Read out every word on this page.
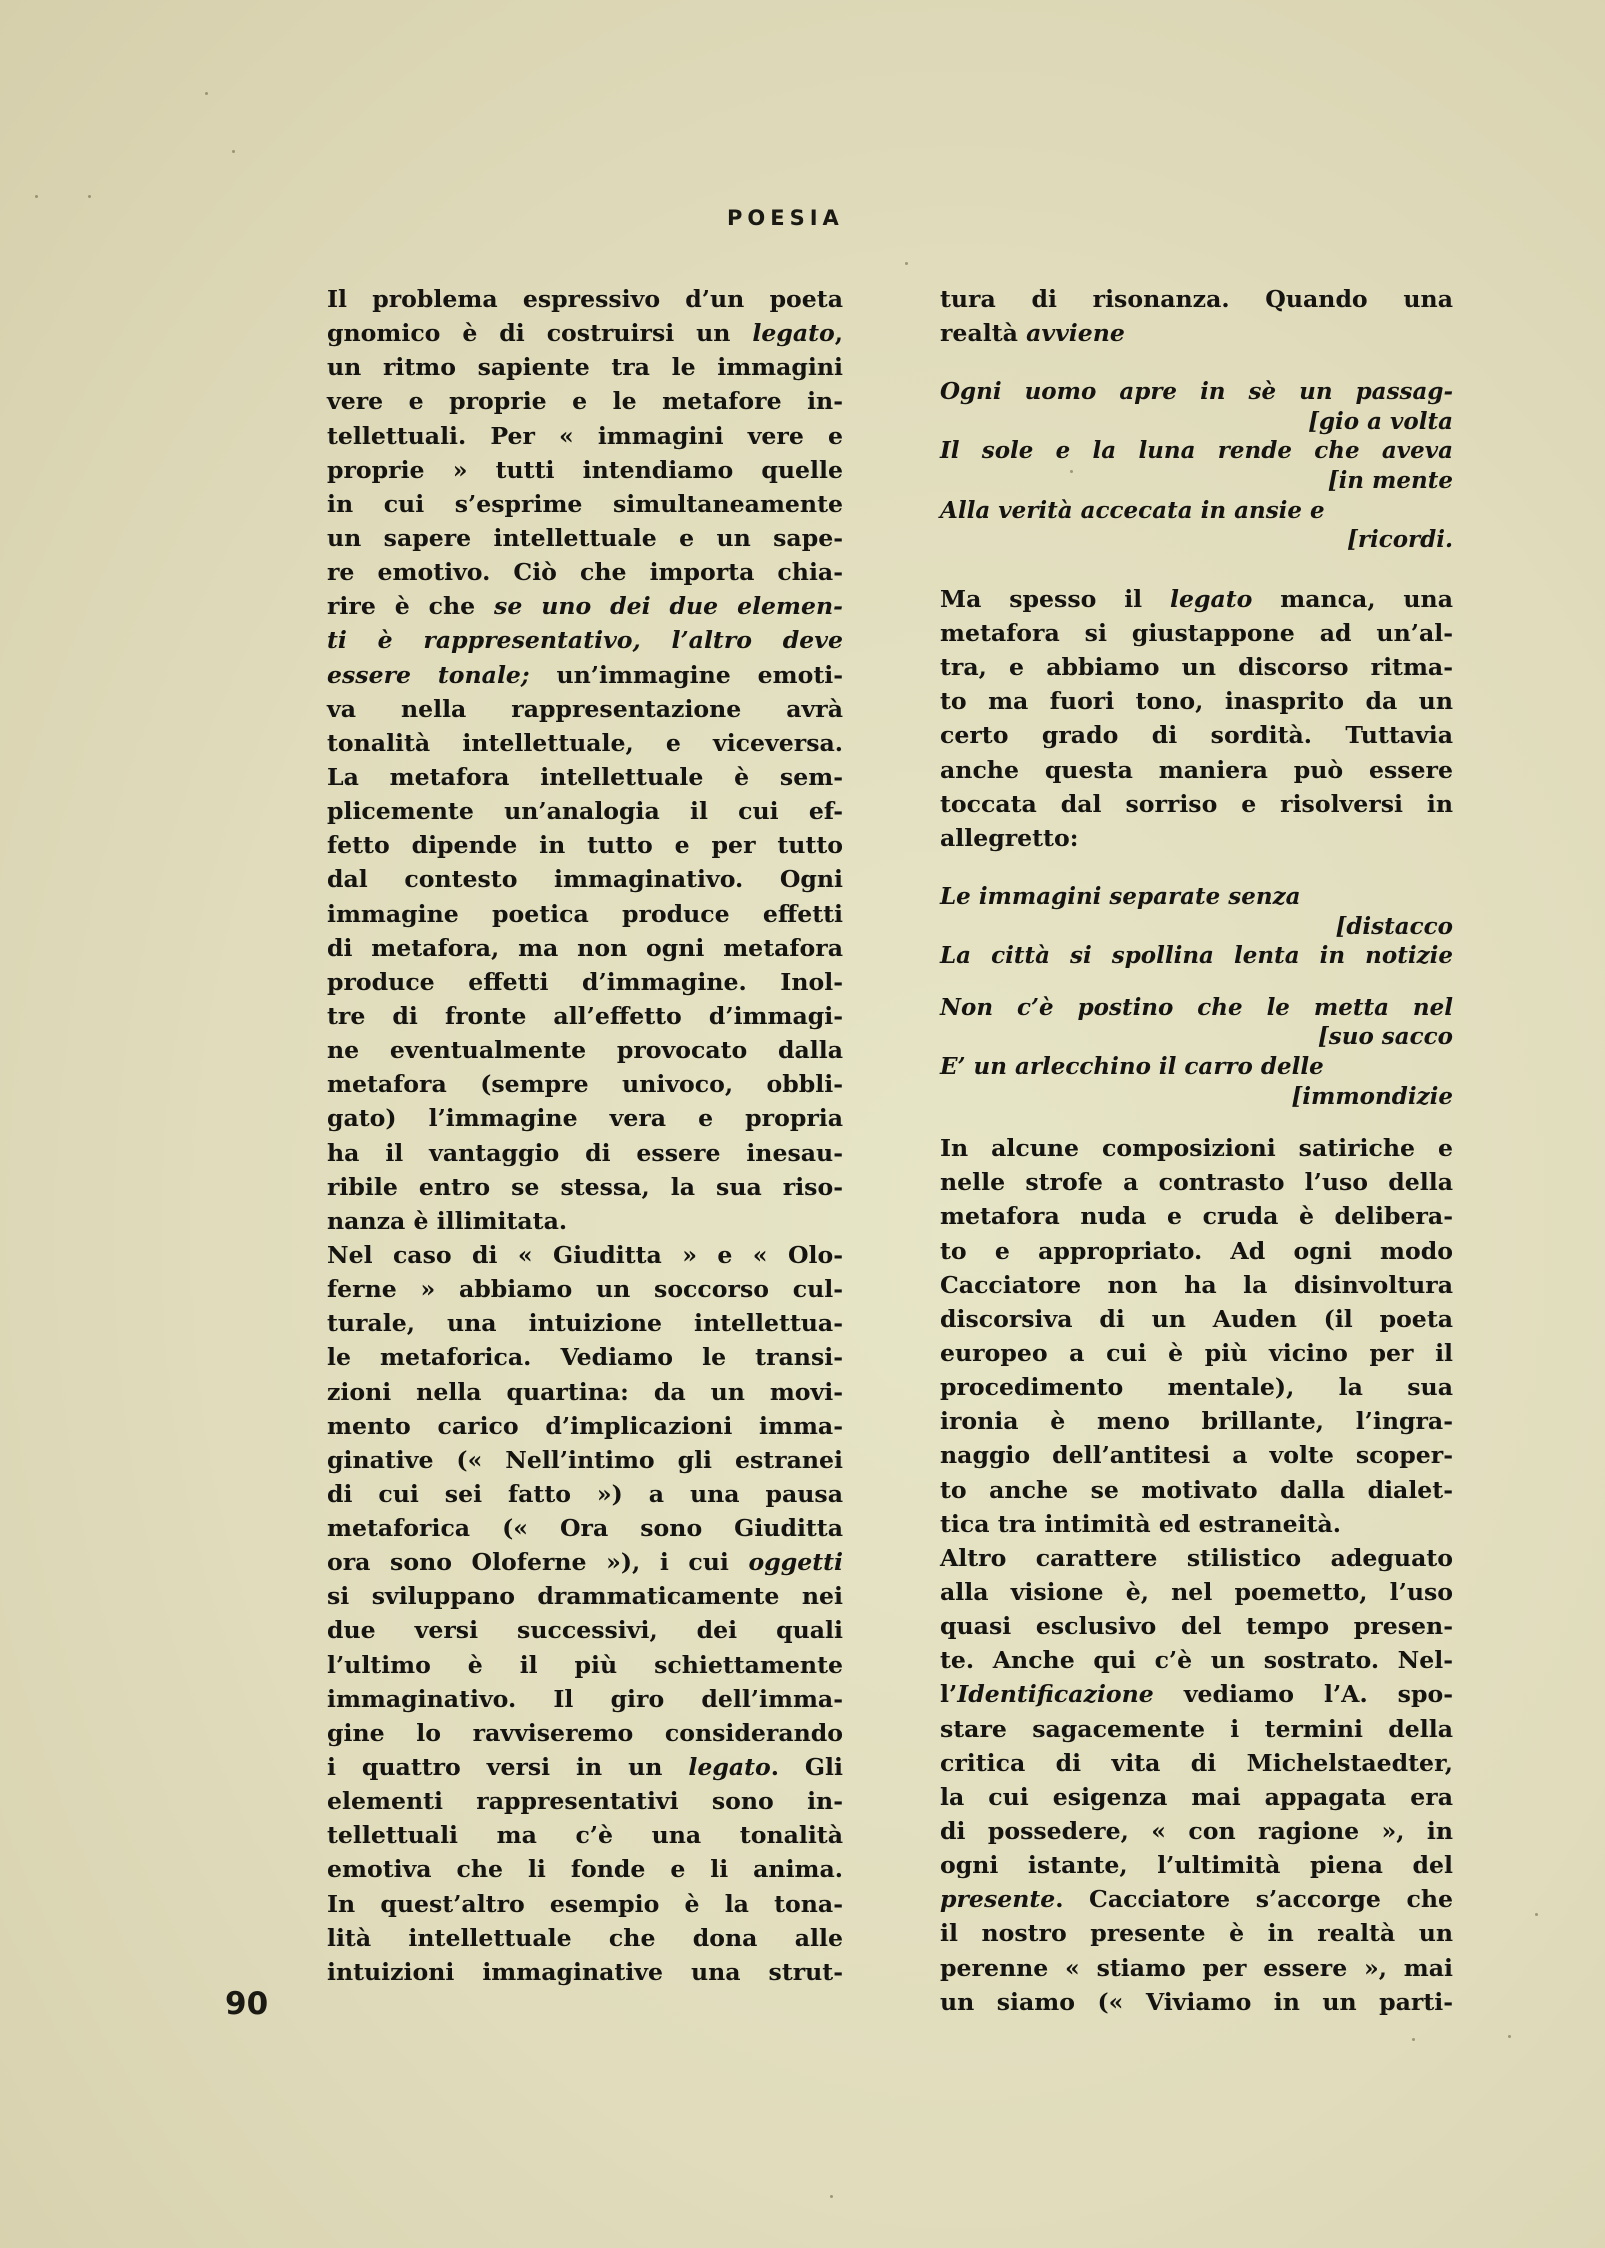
POESIA
Il problema espressivo d’un poeta
gnomico è di costruirsi un legato,
un ritmo sapiente tra le immagini
vere e proprie e le metafore in-
tellettuali. Per « immagini vere e
proprie » tutti intendiamo quelle
in cui s’esprime simultaneamente
un sapere intellettuale e un sape-
re emotivo. Ciò che importa chia-
rire è che se uno dei due elemen-
ti è rappresentativo, l’altro deve
essere tonale; un’immagine emoti-
va nella rappresentazione avrà
tonalità intellettuale, e viceversa.
La metafora intellettuale è sem-
plicemente un’analogia il cui ef-
fetto dipende in tutto e per tutto
dal contesto immaginativo. Ogni
immagine poetica produce effetti
di metafora, ma non ogni metafora
produce effetti d’immagine. Inol-
tre di fronte all’effetto d’immagi-
ne eventualmente provocato dalla
metafora (sempre univoco, obbli-
gato) l’immagine vera e propria
ha il vantaggio di essere inesau-
ribile entro se stessa, la sua riso-
nanza è illimitata.
Nel caso di « Giuditta » e « Olo-
ferne » abbiamo un soccorso cul-
turale, una intuizione intellettua-
le metaforica. Vediamo le transi-
zioni nella quartina: da un movi-
mento carico d’implicazioni imma-
ginative (« Nell’intimo gli estranei
di cui sei fatto ») a una pausa
metaforica (« Ora sono Giuditta
ora sono Oloferne »), i cui oggetti
si sviluppano drammaticamente nei
due versi successivi, dei quali
l’ultimo è il più schiettamente
immaginativo. Il giro dell’imma-
gine lo ravviseremo considerando
i quattro versi in un legato. Gli
elementi rappresentativi sono in-
tellettuali ma c’è una tonalità
emotiva che li fonde e li anima.
In quest’altro esempio è la tona-
lità intellettuale che dona alle
intuizioni immaginative una strut-
tura di risonanza. Quando una
realtà avviene
Ogni uomo apre in sè un passag-
[gio a volta
Il sole e la luna rende che aveva
[in mente
Alla verità accecata in ansie e
[ricordi.
Ma spesso il legato manca, una
metafora si giustappone ad un’al-
tra, e abbiamo un discorso ritma-
to ma fuori tono, inasprito da un
certo grado di sordità. Tuttavia
anche questa maniera può essere
toccata dal sorriso e risolversi in
allegretto:
Le immagini separate senza
[distacco
La città si spollina lenta in notizie
Non c’è postino che le metta nel
[suo sacco
E’ un arlecchino il carro delle
[immondizie
In alcune composizioni satiriche e
nelle strofe a contrasto l’uso della
metafora nuda e cruda è delibera-
to e appropriato. Ad ogni modo
Cacciatore non ha la disinvoltura
discorsiva di un Auden (il poeta
europeo a cui è più vicino per il
procedimento mentale), la sua
ironia è meno brillante, l’ingra-
naggio dell’antitesi a volte scoper-
to anche se motivato dalla dialet-
tica tra intimità ed estraneità.
Altro carattere stilistico adeguato
alla visione è, nel poemetto, l’uso
quasi esclusivo del tempo presen-
te. Anche qui c’è un sostrato. Nel-
l’Identificazione vediamo l’A. spo-
stare sagacemente i termini della
critica di vita di Michelstaedter,
la cui esigenza mai appagata era
di possedere, « con ragione », in
ogni istante, l’ultimità piena del
presente. Cacciatore s’accorge che
il nostro presente è in realtà un
perenne « stiamo per essere », mai
un siamo (« Viviamo in un parti-
90
